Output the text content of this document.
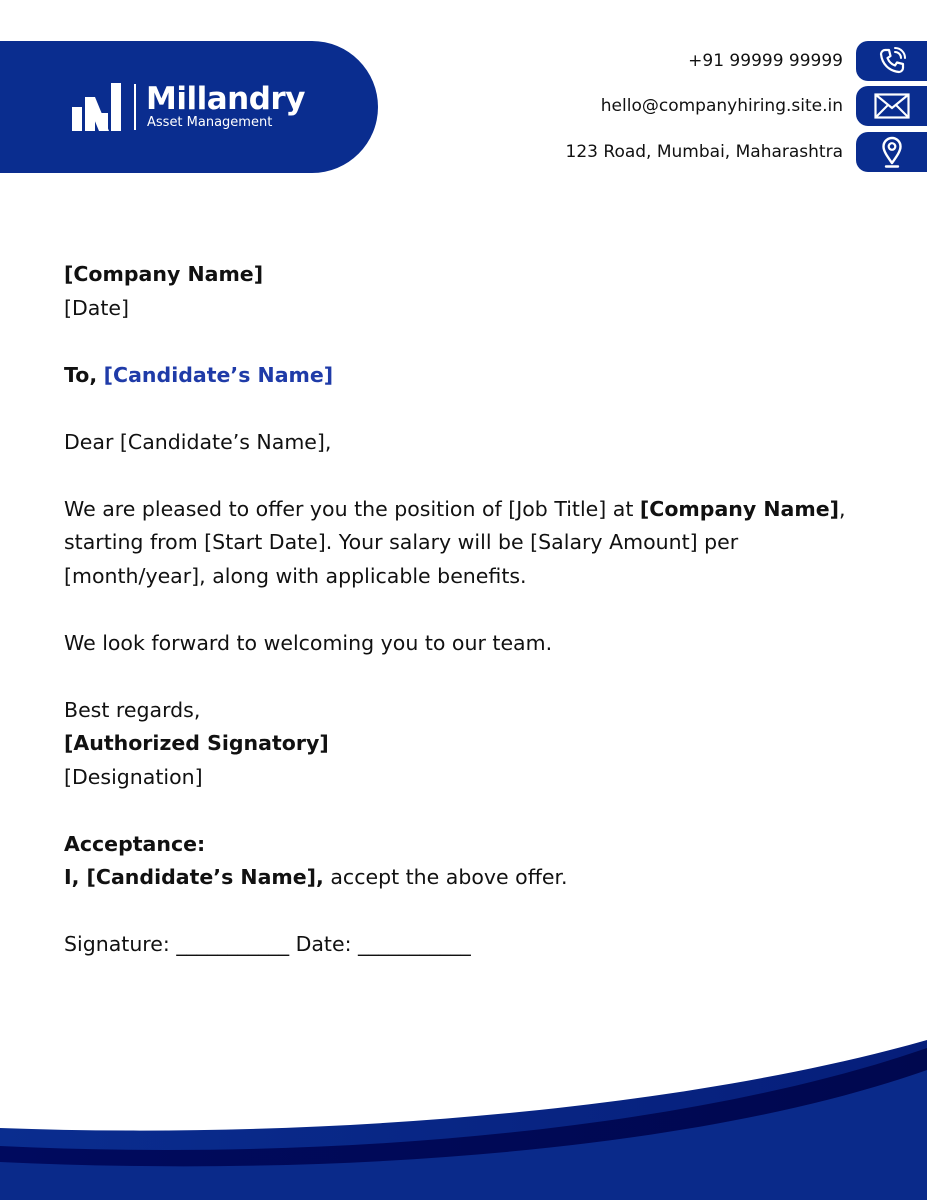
Millandry
Asset Management
+91 99999 99999
hello@companyhiring.site.in
123 Road, Mumbai, Maharashtra

[Company Name]

[Date]

To, [Candidate’s Name]

Dear [Candidate’s Name],

We are pleased to offer you the position of [Job Title] at [Company Name],

starting from [Start Date]. Your salary will be [Salary Amount] per

[month/year], along with applicable benefits.

We look forward to welcoming you to our team.

Best regards,

[Authorized Signatory]

[Designation]

Acceptance:

I, [Candidate’s Name], accept the above offer.

Signature: ___________ Date: ___________
